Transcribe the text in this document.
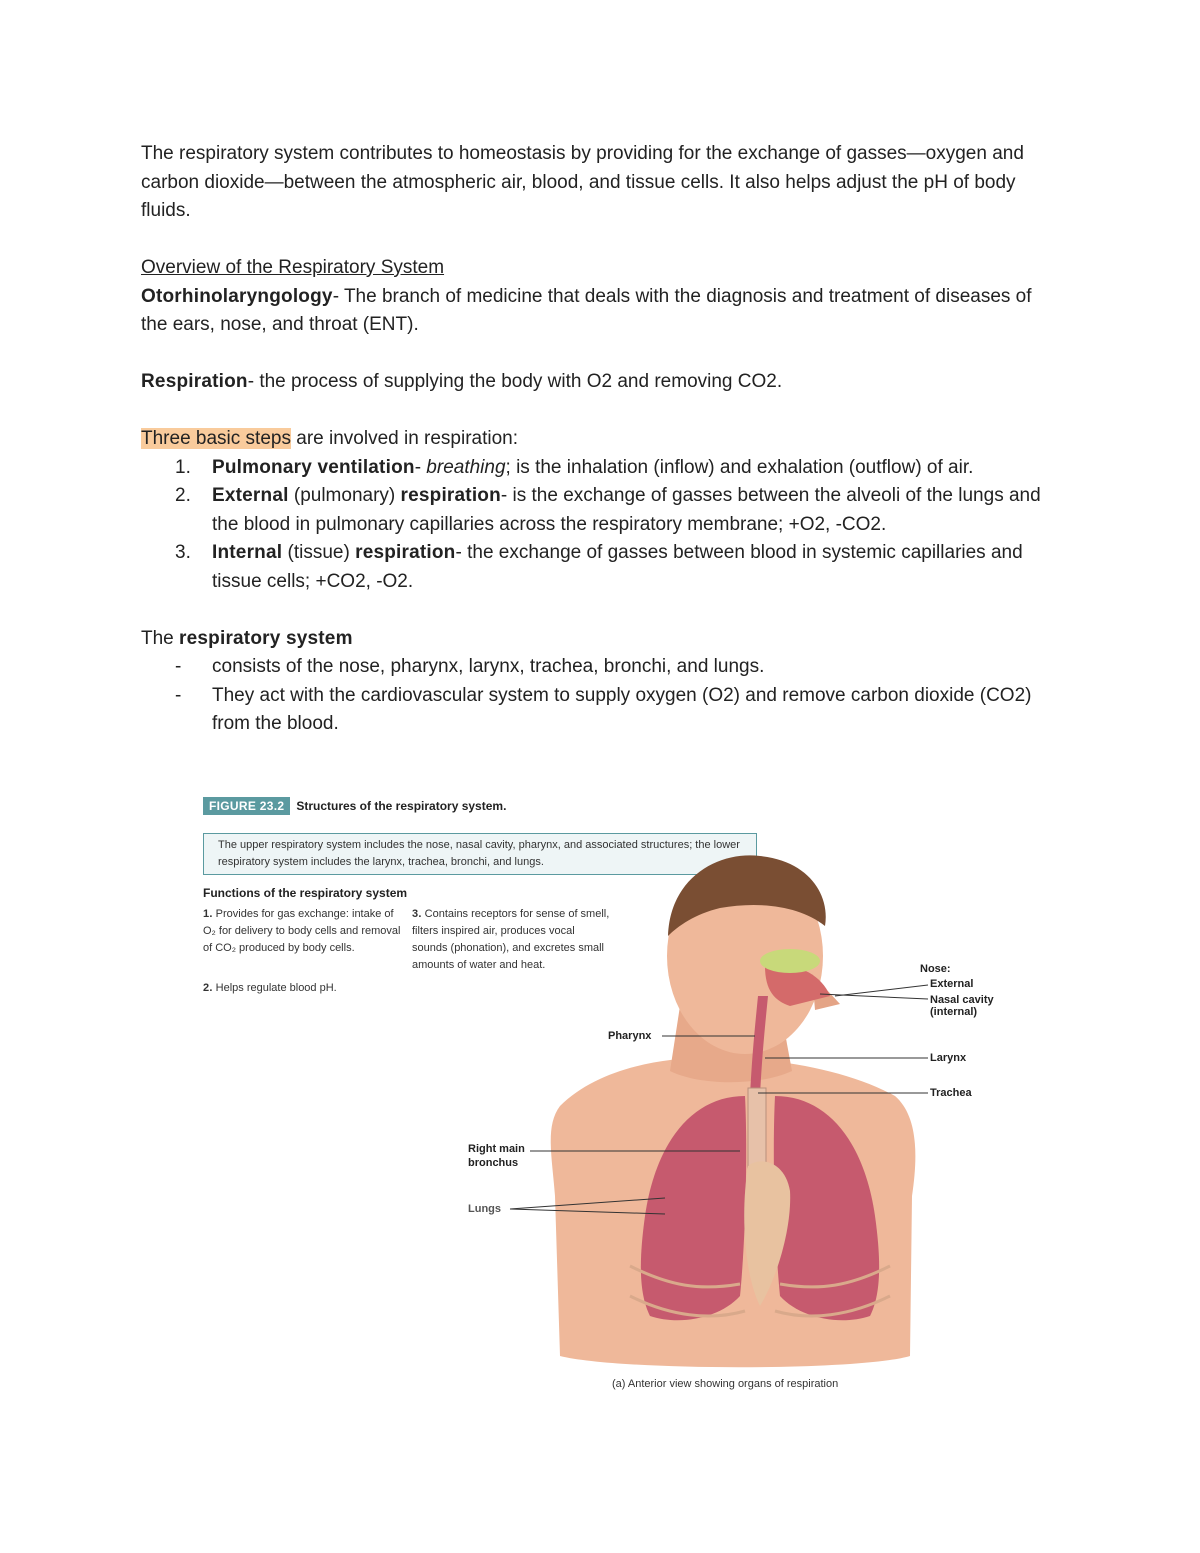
The respiratory system contributes to homeostasis by providing for the exchange of gasses—oxygen and carbon dioxide—between the atmospheric air, blood, and tissue cells. It also helps adjust the pH of body fluids.

Overview of the Respiratory System

Otorhinolaryngology- The branch of medicine that deals with the diagnosis and treatment of diseases of the ears, nose, and throat (ENT).

Respiration- the process of supplying the body with O2 and removing CO2.

Three basic steps are involved in respiration:

1. Pulmonary ventilation- breathing; is the inhalation (inflow) and exhalation (outflow) of air.
2. External (pulmonary) respiration- is the exchange of gasses between the alveoli of the lungs and the blood in pulmonary capillaries across the respiratory membrane; +O2, -CO2.
3. Internal (tissue) respiration- the exchange of gasses between blood in systemic capillaries and tissue cells; +CO2, -O2.

The respiratory system

- consists of the nose, pharynx, larynx, trachea, bronchi, and lungs.
- They act with the cardiovascular system to supply oxygen (O2) and remove carbon dioxide (CO2) from the blood.
FIGURE 23.2	Structures of the respiratory system.
The upper respiratory system includes the nose, nasal cavity, pharynx, and associated structures; the lower respiratory system includes the larynx, trachea, bronchi, and lungs.
Functions of the respiratory system
1. Provides for gas exchange: intake of O₂ for delivery to body cells and removal of CO₂ produced by body cells.
2. Helps regulate blood pH.
3. Contains receptors for sense of smell, filters inspired air, produces vocal sounds (phonation), and excretes small amounts of water and heat.	Nose:
External
Nasal cavity
(internal)
Pharynx
Larynx
Trachea
Right main
bronchus
Lungs
(a) Anterior view showing organs of respiration
